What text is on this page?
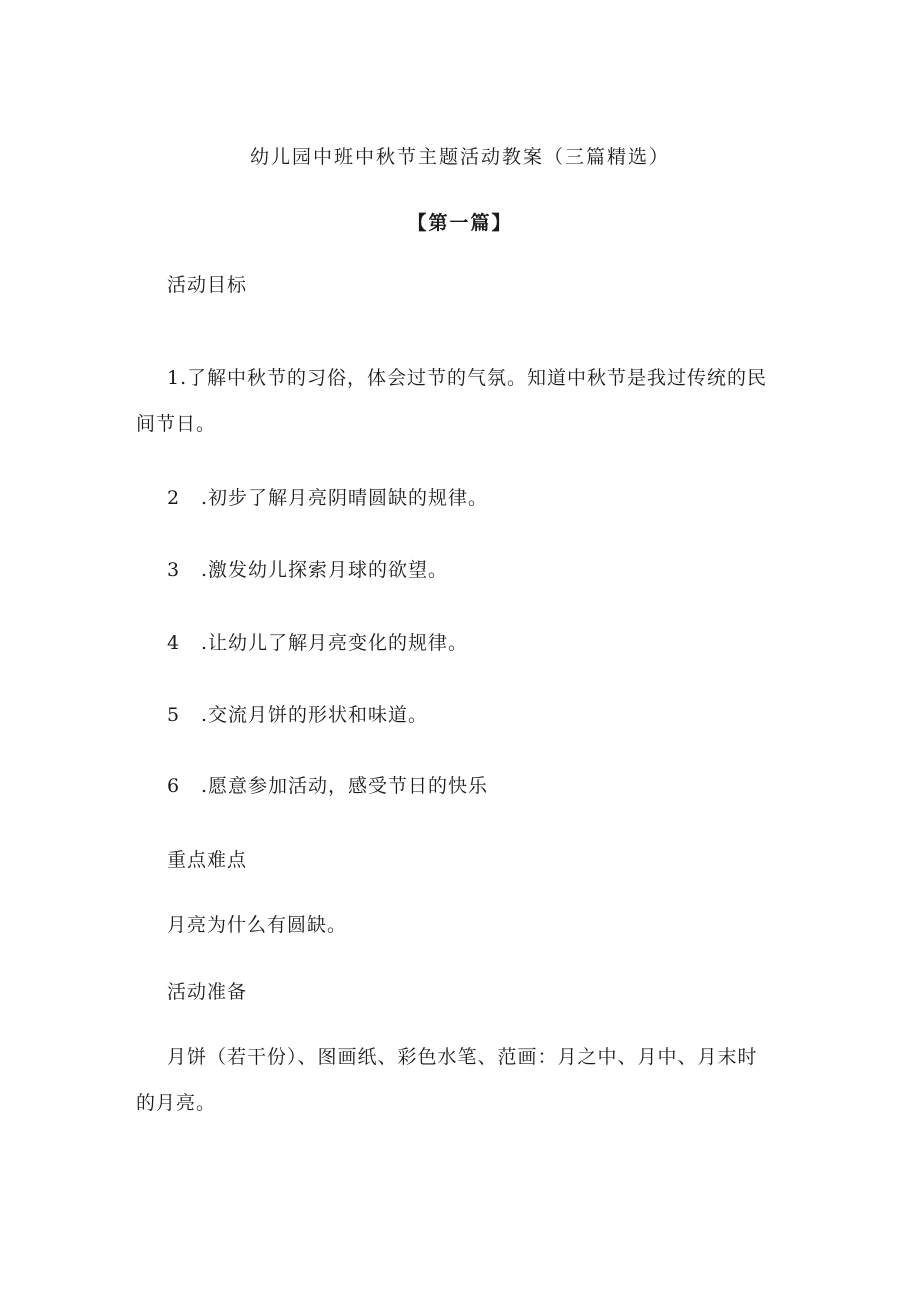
幼儿园中班中秋节主题活动教案（三篇精选）
【第一篇】
活动目标
1.了解中秋节的习俗，体会过节的气氛。知道中秋节是我过传统的民
间节日。
2 .初步了解月亮阴晴圆缺的规律。
3 .激发幼儿探索月球的欲望。
4 .让幼儿了解月亮变化的规律。
5 .交流月饼的形状和味道。
6 .愿意参加活动，感受节日的快乐
重点难点
月亮为什么有圆缺。
活动准备
月饼（若干份）、图画纸、彩色水笔、范画：月之中、月中、月末时
的月亮。
